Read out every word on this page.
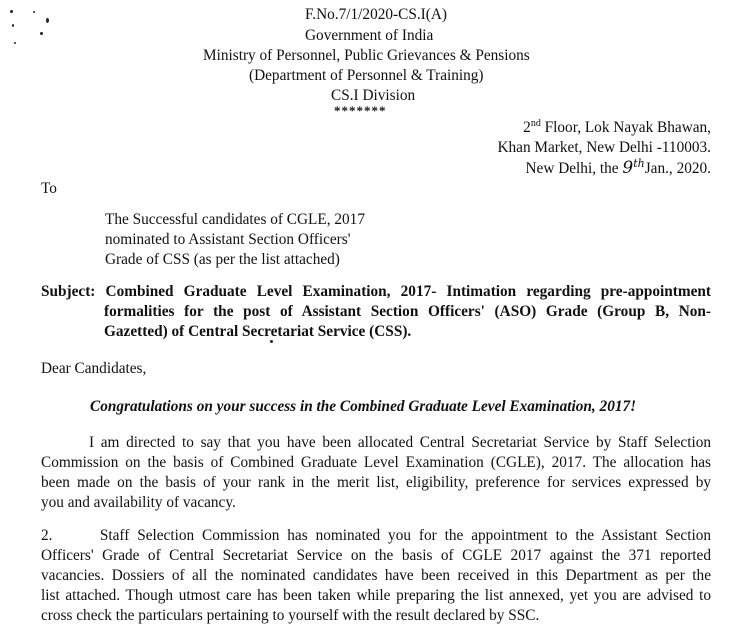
F.No.7/1/2020-CS.I(A)
Government of India
Ministry of Personnel, Public Grievances & Pensions
(Department of Personnel & Training)
CS.I Division
*******
2nd Floor, Lok Nayak Bhawan,
Khan Market, New Delhi -110003.
New Delhi, the 9thJan., 2020.
To
The Successful candidates of CGLE, 2017
nominated to Assistant Section Officers'
Grade of CSS (as per the list attached)
Subject: Combined Graduate Level Examination, 2017- Intimation regarding pre-appointment
formalities for the post of Assistant Section Officers' (ASO) Grade (Group B, Non-
Gazetted) of Central Secretariat Service (CSS).
Dear Candidates,
Congratulations on your success in the Combined Graduate Level Examination, 2017!
I am directed to say that you have been allocated Central Secretariat Service by Staff Selection
Commission on the basis of Combined Graduate Level Examination (CGLE), 2017. The allocation has
been made on the basis of your rank in the merit list, eligibility, preference for services expressed by
you and availability of vacancy.
2.      Staff Selection Commission has nominated you for the appointment to the Assistant Section
Officers' Grade of Central Secretariat Service on the basis of CGLE 2017 against the 371 reported
vacancies. Dossiers of all the nominated candidates have been received in this Department as per the
list attached. Though utmost care has been taken while preparing the list annexed, yet you are advised to
cross check the particulars pertaining to yourself with the result declared by SSC.
